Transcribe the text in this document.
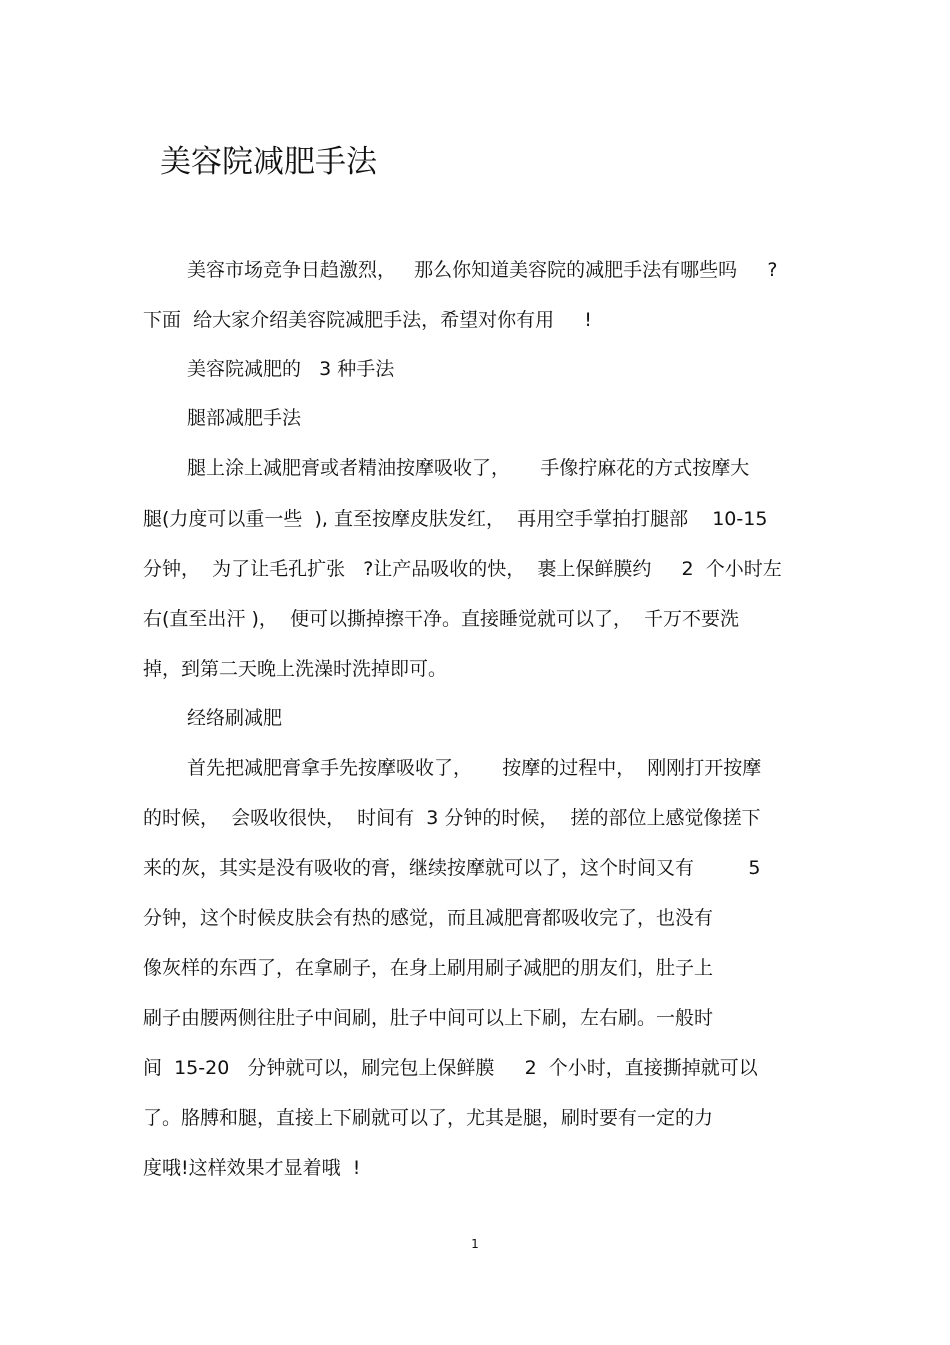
美容院减肥手法

美容市场竞争日趋激烈，   那么你知道美容院的减肥手法有哪些吗     ?

下面  给大家介绍美容院减肥手法，希望对你有用     !

美容院减肥的   3 种手法

腿部减肥手法

腿上涂上减肥膏或者精油按摩吸收了，     手像拧麻花的方式按摩大

腿(力度可以重一些  ), 直至按摩皮肤发红，  再用空手掌拍打腿部    10-15

分钟，  为了让毛孔扩张   ?让产品吸收的快，  裹上保鲜膜约     2  个小时左

右(直至出汗 )，  便可以撕掉擦干净。直接睡觉就可以了，  千万不要洗

掉，到第二天晚上洗澡时洗掉即可。

经络刷减肥

首先把减肥膏拿手先按摩吸收了，     按摩的过程中，  刚刚打开按摩

的时候，  会吸收很快，  时间有  3 分钟的时候，  搓的部位上感觉像搓下

来的灰，其实是没有吸收的膏，继续按摩就可以了，这个时间又有         5

分钟，这个时候皮肤会有热的感觉，而且减肥膏都吸收完了，也没有

像灰样的东西了，在拿刷子，在身上刷用刷子减肥的朋友们，肚子上

刷子由腰两侧往肚子中间刷，肚子中间可以上下刷，左右刷。一般时

间  15-20   分钟就可以，刷完包上保鲜膜     2  个小时，直接撕掉就可以

了。胳膊和腿，直接上下刷就可以了，尤其是腿，刷时要有一定的力

度哦!这样效果才显着哦  !

1
